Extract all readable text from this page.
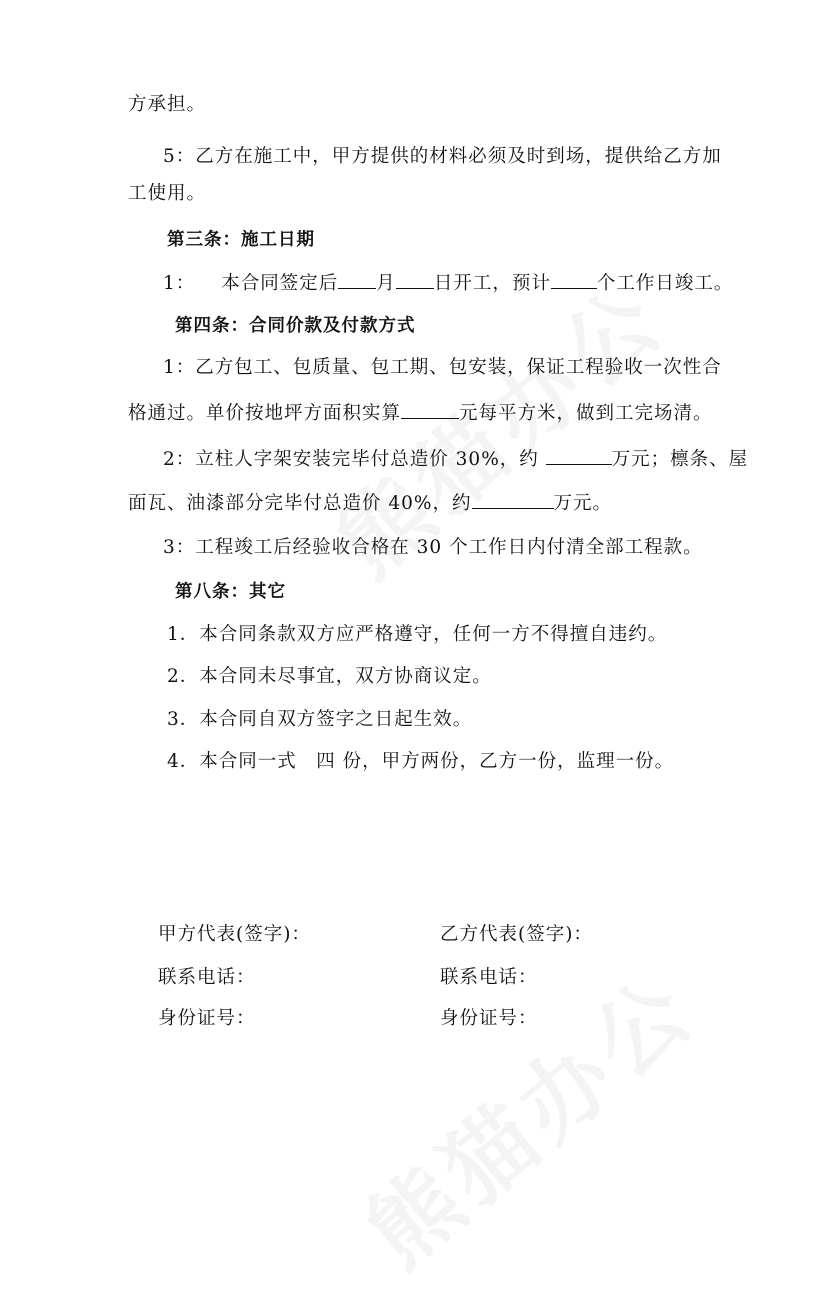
方承担。
5：乙方在施工中，甲方提供的材料必须及时到场，提供给乙方加
工使用。
第三条：施工日期
1： 本合同签定后 月 日开工，预计 个工作日竣工。
第四条：合同价款及付款方式
1：乙方包工、包质量、包工期、包安装，保证工程验收一次性合
格通过。单价按地坪方面积实算	元每平方米，做到工完场清。
2：立柱人字架安装完毕付总造价 30%，约	万元；檩条、屋
面瓦、油漆部分完毕付总造价 40%，约	万元。
3：工程竣工后经验收合格在 30 个工作日内付清全部工程款。
第八条：其它
1．本合同条款双方应严格遵守，任何一方不得擅自违约。
2．本合同未尽事宜，双方协商议定。
3．本合同自双方签字之日起生效。
4．本合同一式　四 份，甲方两份，乙方一份，监理一份。
甲方代表(签字)：	乙方代表(签字)：
联系电话：	联系电话：
身份证号：	身份证号：
